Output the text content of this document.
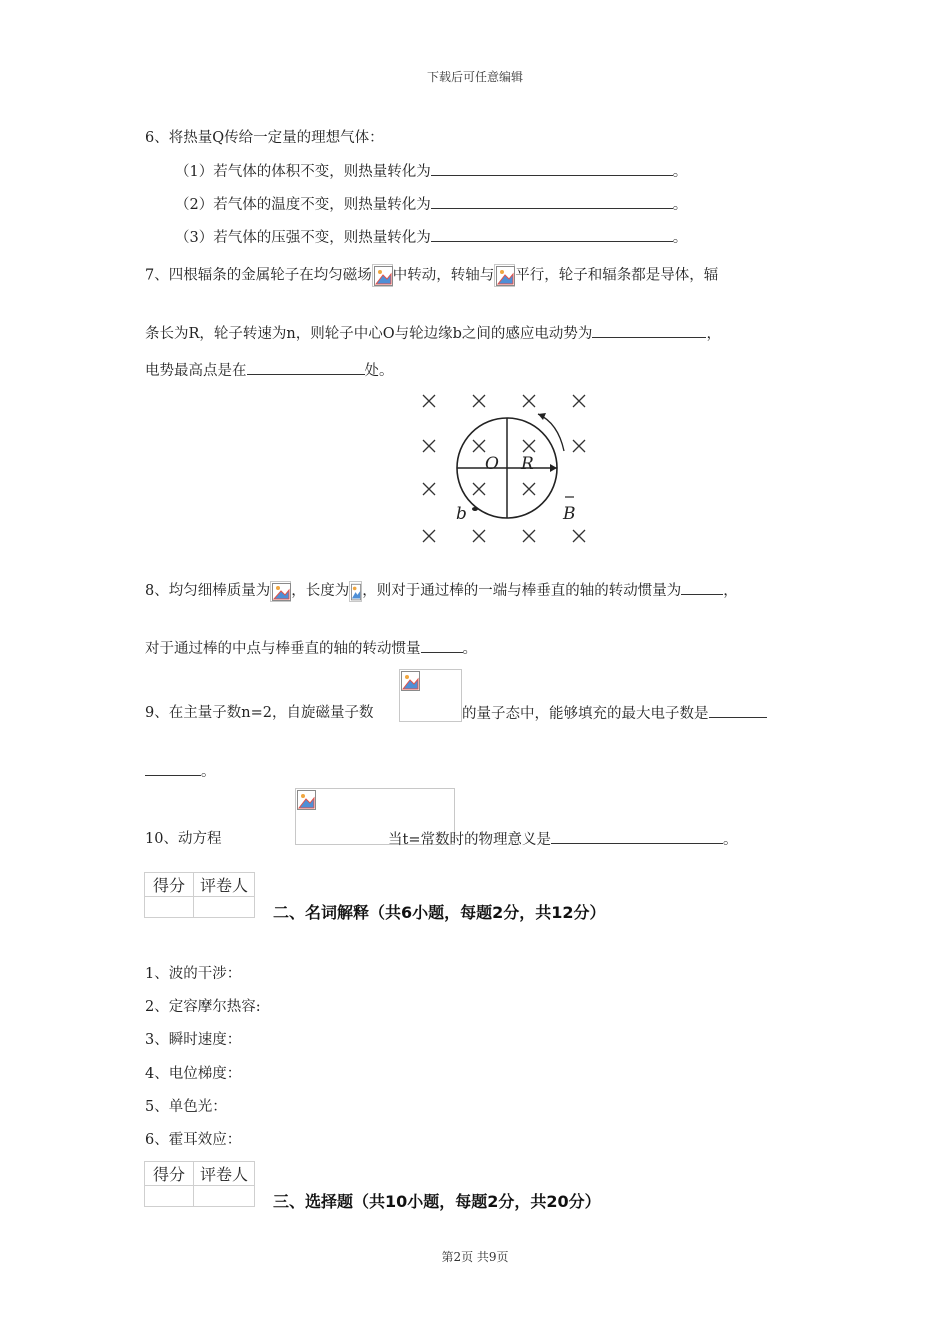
下载后可任意编辑
6、将热量Q传给一定量的理想气体：
（1）若气体的体积不变，则热量转化为	。
（2）若气体的温度不变，则热量转化为	。
（3）若气体的压强不变，则热量转化为	。
7、四根辐条的金属轮子在均匀磁场 中转动，转轴与 平行，轮子和辐条都是导体，辐
条长为R，轮子转速为n，则轮子中心O与轮边缘b之间的感应电动势为	，
电势最高点是在	处。
O R
b	B
8、均匀细棒质量为 ，长度为 ，则对于通过棒的一端与棒垂直的轴的转动惯量为	，
对于通过棒的中点与棒垂直的轴的转动惯量	。

9、在主量子数n=2，自旋磁量子数	的量子态中，能够填充的最大电子数是
。
10、动方程	当t=常数时的物理意义是	。
得分	评卷人

二、名词解释（共6小题，每题2分，共12分）
1、波的干涉：
2、定容摩尔热容:
3、瞬时速度：
4、电位梯度：
5、单色光：
6、霍耳效应：
得分	评卷人

三、选择题（共10小题，每题2分，共20分）
第2页 共9页
